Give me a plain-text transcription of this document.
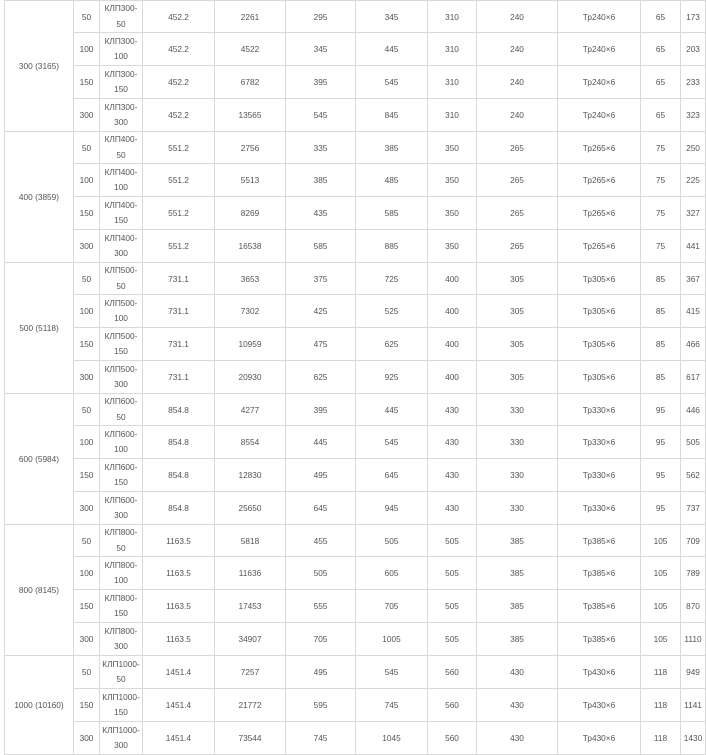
300 (3165)	50	КЛП300-50	452.2	2261	295	345	310	240	Тр240×6	65	173
	100	КЛП300-100	452.2	4522	345	445	310	240	Тр240×6	65	203
	150	КЛП300-150	452.2	6782	395	545	310	240	Тр240×6	65	233
	300	КЛП300-300	452.2	13565	545	845	310	240	Тр240×6	65	323
400 (3859)	50	КЛП400-50	551.2	2756	335	385	350	265	Тр265×6	75	250
	100	КЛП400-100	551.2	5513	385	485	350	265	Тр265×6	75	225
	150	КЛП400-150	551.2	8269	435	585	350	265	Тр265×6	75	327
	300	КЛП400-300	551.2	16538	585	885	350	265	Тр265×6	75	441
500 (5118)	50	КЛП500-50	731.1	3653	375	725	400	305	Тр305×6	85	367
	100	КЛП500-100	731.1	7302	425	525	400	305	Тр305×6	85	415
	150	КЛП500-150	731.1	10959	475	625	400	305	Тр305×6	85	466
	300	КЛП500-300	731.1	20930	625	925	400	305	Тр305×6	85	617
600 (5984)	50	КЛП600-50	854.8	4277	395	445	430	330	Тр330×6	95	446
	100	КЛП600-100	854.8	8554	445	545	430	330	Тр330×6	95	505
	150	КЛП600-150	854.8	12830	495	645	430	330	Тр330×6	95	562
	300	КЛП600-300	854.8	25650	645	945	430	330	Тр330×6	95	737
800 (8145)	50	КЛП800-50	1163.5	5818	455	505	505	385	Тр385×6	105	709
	100	КЛП800-100	1163.5	11636	505	605	505	385	Тр385×6	105	789
	150	КЛП800-150	1163.5	17453	555	705	505	385	Тр385×6	105	870
	300	КЛП800-300	1163.5	34907	705	1005	505	385	Тр385×6	105	1110
1000 (10160)	50	КЛП1000-50	1451.4	7257	495	545	560	430	Тр430×6	118	949
	150	КЛП1000-150	1451.4	21772	595	745	560	430	Тр430×6	118	1141
	300	КЛП1000-300	1451.4	73544	745	1045	560	430	Тр430×6	118	1430
